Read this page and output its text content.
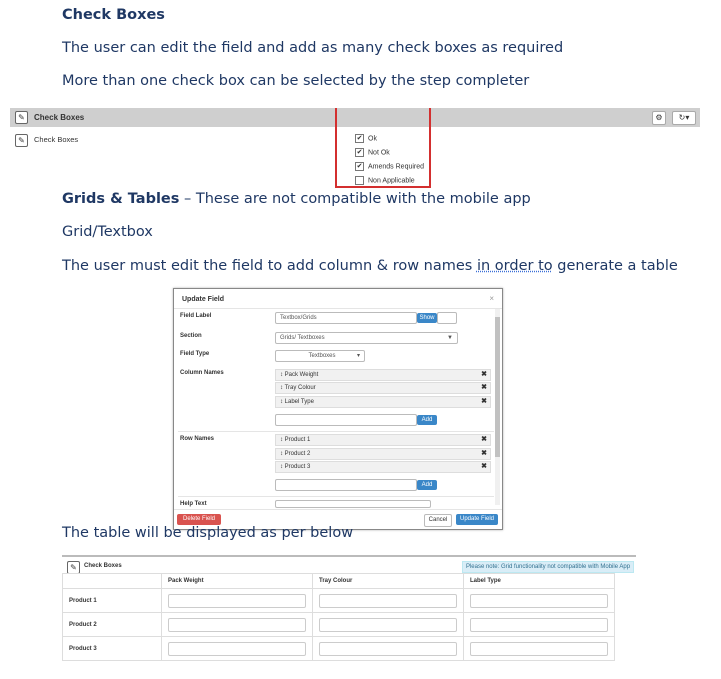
Check Boxes

The user can edit the field and add as many check boxes as required

More than one check box can be selected by the step completer

✎	Check Boxes	⚙	↻▾
✎	Check Boxes	✔ Ok
✔ Not Ok
✔ Amends Required
Non Applicable

Grids & Tables – These are not compatible with the mobile app

Grid/Textbox

The user must edit the field to add column & row names in order to generate a table

Update Field	×
Field Label	Textbox/Grids	Show
Section	Grids/ Textboxes	▼
Field Type	Textboxes	▾
Column Names	↕ Pack Weight	✖
↕ Tray Colour	✖
↕ Label Type	✖
Add
Row Names	↕ Product 1	✖
↕ Product 2	✖
↕ Product 3	✖
Add
Help Text
Delete Field	Cancel	Update Field

The table will be displayed as per below

✎	Check Boxes	Please note: Grid functionality not compatible with Mobile App
	Pack Weight	Tray Colour	Label Type
Product 1	

Product 2	

Product 3	
